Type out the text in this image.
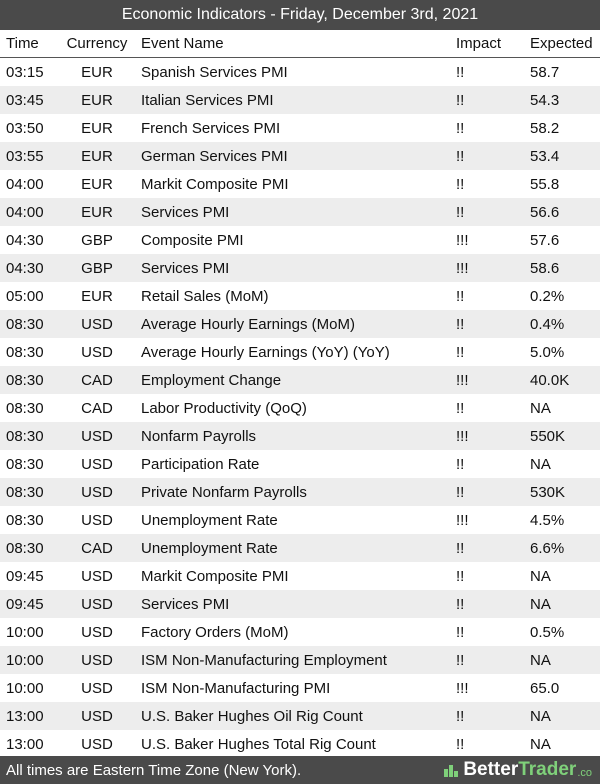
Economic Indicators - Friday, December 3rd, 2021
Time	Currency	Event Name	Impact	Expected
03:15	EUR	Spanish Services PMI	!!	58.7
03:45	EUR	Italian Services PMI	!!	54.3
03:50	EUR	French Services PMI	!!	58.2
03:55	EUR	German Services PMI	!!	53.4
04:00	EUR	Markit Composite PMI	!!	55.8
04:00	EUR	Services PMI	!!	56.6
04:30	GBP	Composite PMI	!!!	57.6
04:30	GBP	Services PMI	!!!	58.6
05:00	EUR	Retail Sales (MoM)	!!	0.2%
08:30	USD	Average Hourly Earnings (MoM)	!!	0.4%
08:30	USD	Average Hourly Earnings (YoY) (YoY)	!!	5.0%
08:30	CAD	Employment Change	!!!	40.0K
08:30	CAD	Labor Productivity (QoQ)	!!	NA
08:30	USD	Nonfarm Payrolls	!!!	550K
08:30	USD	Participation Rate	!!	NA
08:30	USD	Private Nonfarm Payrolls	!!	530K
08:30	USD	Unemployment Rate	!!!	4.5%
08:30	CAD	Unemployment Rate	!!	6.6%
09:45	USD	Markit Composite PMI	!!	NA
09:45	USD	Services PMI	!!	NA
10:00	USD	Factory Orders (MoM)	!!	0.5%
10:00	USD	ISM Non-Manufacturing Employment	!!	NA
10:00	USD	ISM Non-Manufacturing PMI	!!!	65.0
13:00	USD	U.S. Baker Hughes Oil Rig Count	!!	NA
13:00	USD	U.S. Baker Hughes Total Rig Count	!!	NA
All times are Eastern Time Zone (New York).	Better Trader .co
